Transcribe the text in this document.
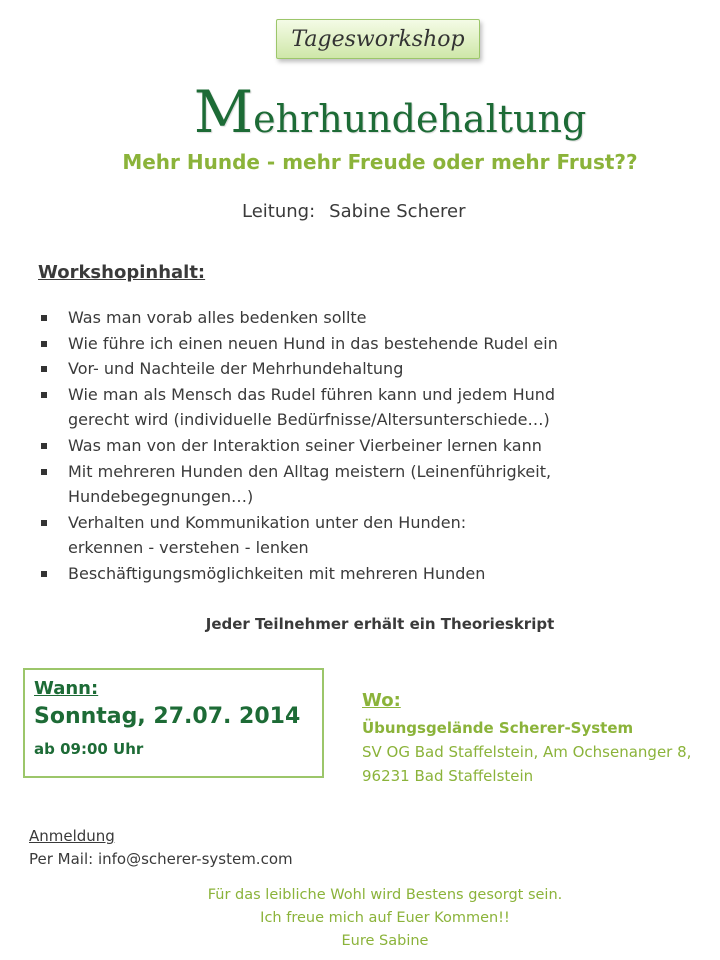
Tagesworkshop
Mehrhundehaltung
Mehr Hunde - mehr Freude oder mehr Frust??
Leitung: Sabine Scherer
Workshopinhalt:
Was man vorab alles bedenken sollte
Wie führe ich einen neuen Hund in das bestehende Rudel ein
Vor- und Nachteile der Mehrhundehaltung
Wie man als Mensch das Rudel führen kann und jedem Hund
gerecht wird (individuelle Bedürfnisse/Altersunterschiede…)
Was man von der Interaktion seiner Vierbeiner lernen kann
Mit mehreren Hunden den Alltag meistern (Leinenführigkeit,
Hundebegegnungen…)
Verhalten und Kommunikation unter den Hunden:
erkennen - verstehen - lenken
Beschäftigungsmöglichkeiten mit mehreren Hunden
Jeder Teilnehmer erhält ein Theorieskript
Wann:
Sonntag, 27.07. 2014
ab 09:00 Uhr
Wo:
Übungsgelände Scherer-System
SV OG Bad Staffelstein, Am Ochsenanger 8,
96231 Bad Staffelstein
Anmeldung
Per Mail: info@scherer-system.com
Für das leibliche Wohl wird Bestens gesorgt sein.
Ich freue mich auf Euer Kommen!!
Eure Sabine
